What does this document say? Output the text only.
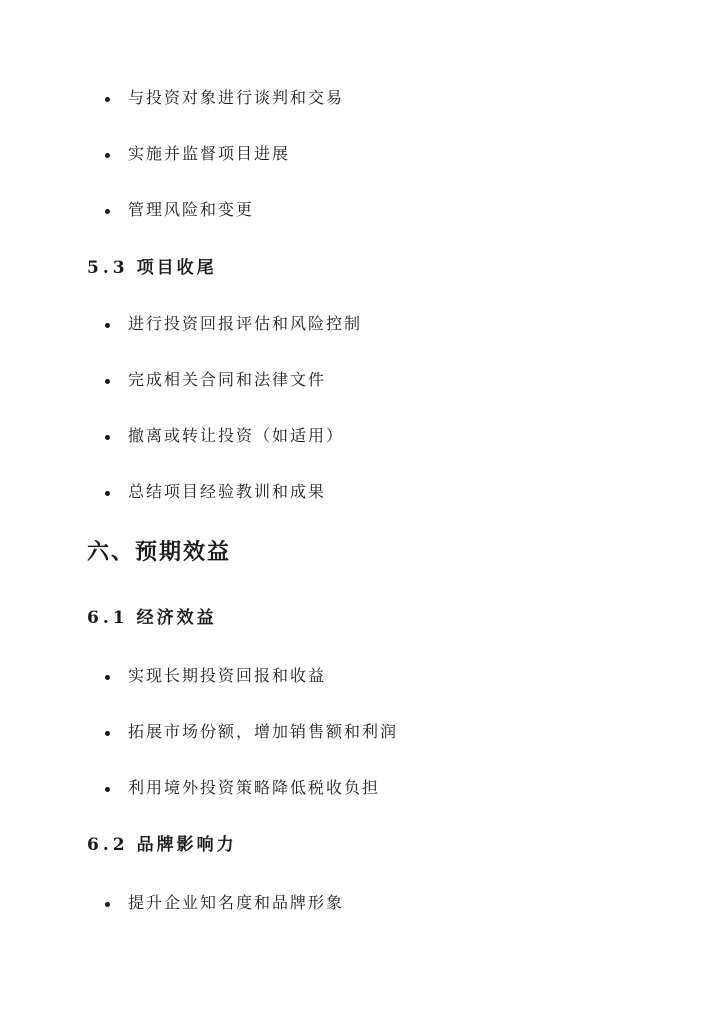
与投资对象进行谈判和交易
实施并监督项目进展
管理风险和变更
5.3 项目收尾
进行投资回报评估和风险控制
完成相关合同和法律文件
撤离或转让投资（如适用）
总结项目经验教训和成果
六、预期效益
6.1 经济效益
实现长期投资回报和收益
拓展市场份额，增加销售额和利润
利用境外投资策略降低税收负担
6.2 品牌影响力
提升企业知名度和品牌形象
